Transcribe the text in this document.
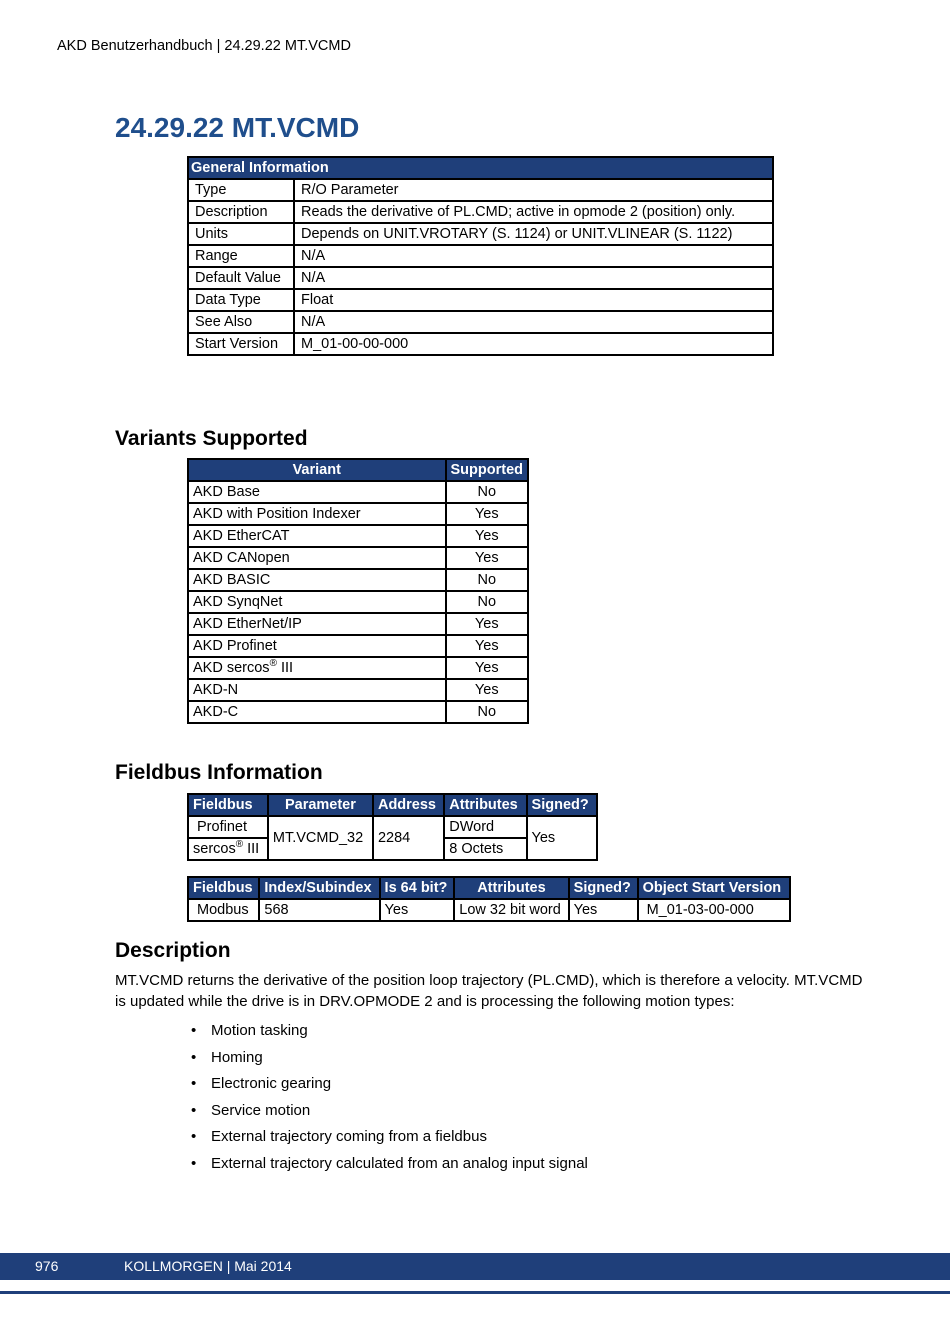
AKD Benutzerhandbuch | 24.29.22 MT.VCMD
24.29.22 MT.VCMD
General Information	
Type	R/O Parameter
Description	Reads the derivative of PL.CMD; active in opmode 2 (position) only.
Units	Depends on UNIT.VROTARY (S. 1124) or UNIT.VLINEAR (S. 1122)
Range	N/A
Default Value	N/A
Data Type	Float
See Also	N/A
Start Version	M_01-00-00-000
Variants Supported
Variant	Supported
AKD Base	No
AKD with Position Indexer	Yes
AKD EtherCAT	Yes
AKD CANopen	Yes
AKD BASIC	No
AKD SynqNet	No
AKD EtherNet/IP	Yes
AKD Profinet	Yes
AKD sercos® III	Yes
AKD-N	Yes
AKD-C	No
Fieldbus Information
Fieldbus	Parameter	Address	Attributes	Signed?
Profinet	MT.VCMD_32	2284	DWord	Yes
sercos® III			8 Octets	
Fieldbus	Index/Subindex	Is 64 bit?	Attributes	Signed?	Object Start Version
Modbus	568	Yes	Low 32 bit word	Yes	M_01-03-00-000
Description

MT.VCMD returns the derivative of the position loop trajectory (PL.CMD), which is therefore a velocity. MT.VCMD is updated while the drive is in DRV.OPMODE 2 and is processing the following motion types:

• Motion tasking
• Homing
• Electronic gearing
• Service motion
• External trajectory coming from a fieldbus
• External trajectory calculated from an analog input signal
976	KOLLMORGEN | Mai 2014
